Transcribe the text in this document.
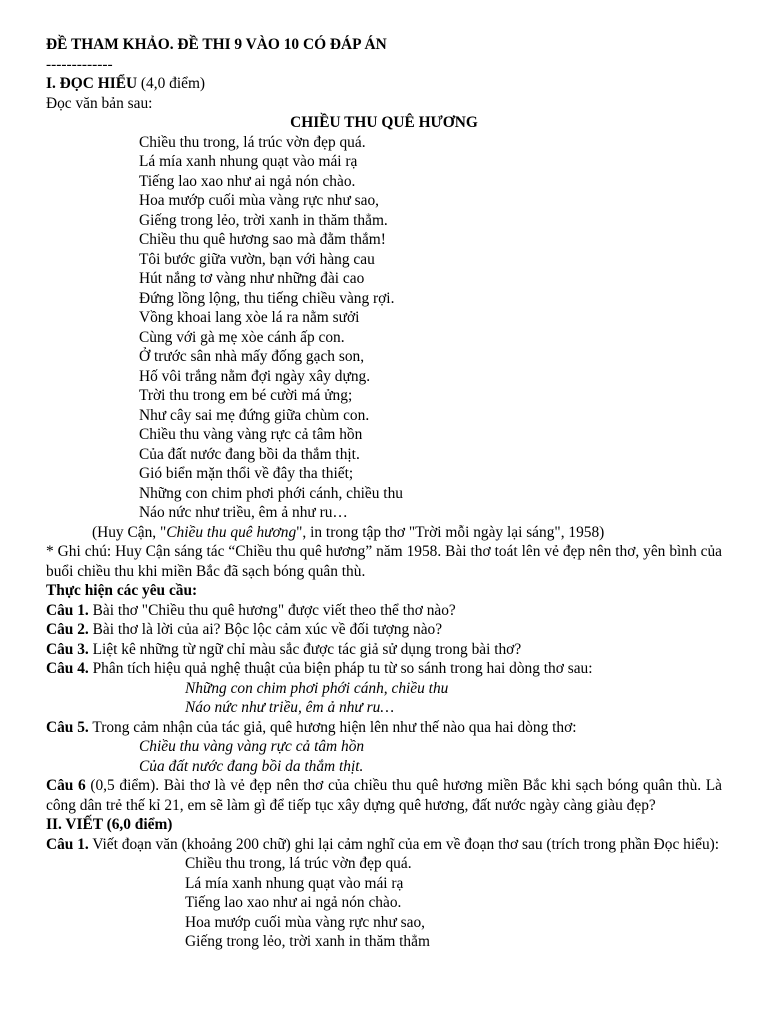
ĐỀ THAM KHẢO. ĐỀ THI 9 VÀO 10 CÓ ĐÁP ÁN
-------------
I. ĐỌC HIỂU (4,0 điểm)
Đọc văn bản sau:
CHIỀU THU QUÊ HƯƠNG
Chiều thu trong, lá trúc vờn đẹp quá.
Lá mía xanh nhung quạt vào mái rạ
Tiếng lao xao như ai ngả nón chào.
Hoa mướp cuối mùa vàng rực như sao,
Giếng trong lẻo, trời xanh in thăm thẳm.
Chiều thu quê hương sao mà đằm thắm!
Tôi bước giữa vườn, bạn với hàng cau
Hút nắng tơ vàng như những đài cao
Đứng lồng lộng, thu tiếng chiều vàng rợi.
Vồng khoai lang xòe lá ra nằm sưởi
Cùng với gà mẹ xòe cánh ấp con.
Ở trước sân nhà mấy đống gạch son,
Hố vôi trắng nằm đợi ngày xây dựng.
Trời thu trong em bé cười má ửng;
Như cây sai mẹ đứng giữa chùm con.
Chiều thu vàng vàng rực cả tâm hồn
Của đất nước đang bồi da thắm thịt.
Gió biển mặn thổi về đây tha thiết;
Những con chim phơi phới cánh, chiều thu
Náo nức như triều, êm ả như ru…
(Huy Cận, "Chiều thu quê hương", in trong tập thơ "Trời mỗi ngày lại sáng", 1958)
* Ghi chú: Huy Cận sáng tác “Chiều thu quê hương” năm 1958. Bài thơ toát lên vẻ đẹp nên thơ, yên bình của buổi chiều thu khi miền Bắc đã sạch bóng quân thù.
Thực hiện các yêu cầu:
Câu 1. Bài thơ "Chiều thu quê hương" được viết theo thể thơ nào?
Câu 2. Bài thơ là lời của ai? Bộc lộc cảm xúc về đối tượng nào?
Câu 3. Liệt kê những từ ngữ chỉ màu sắc được tác giả sử dụng trong bài thơ?
Câu 4. Phân tích hiệu quả nghệ thuật của biện pháp tu từ so sánh trong hai dòng thơ sau:
Những con chim phơi phới cánh, chiều thu
Náo nức như triều, êm ả như ru…
Câu 5. Trong cảm nhận của tác giả, quê hương hiện lên như thế nào qua hai dòng thơ:
Chiều thu vàng vàng rực cả tâm hồn
Của đất nước đang bồi da thắm thịt.
Câu 6 (0,5 điểm). Bài thơ là vẻ đẹp nên thơ của chiều thu quê hương miền Bắc khi sạch bóng quân thù. Là công dân trẻ thế kỉ 21, em sẽ làm gì để tiếp tục xây dựng quê hương, đất nước ngày càng giàu đẹp?
II. VIẾT (6,0 điểm)
Câu 1. Viết đoạn văn (khoảng 200 chữ) ghi lại cảm nghĩ của em về đoạn thơ sau (trích trong phần Đọc hiểu):
Chiều thu trong, lá trúc vờn đẹp quá.
Lá mía xanh nhung quạt vào mái rạ
Tiếng lao xao như ai ngả nón chào.
Hoa mướp cuối mùa vàng rực như sao,
Giếng trong lẻo, trời xanh in thăm thẳm
